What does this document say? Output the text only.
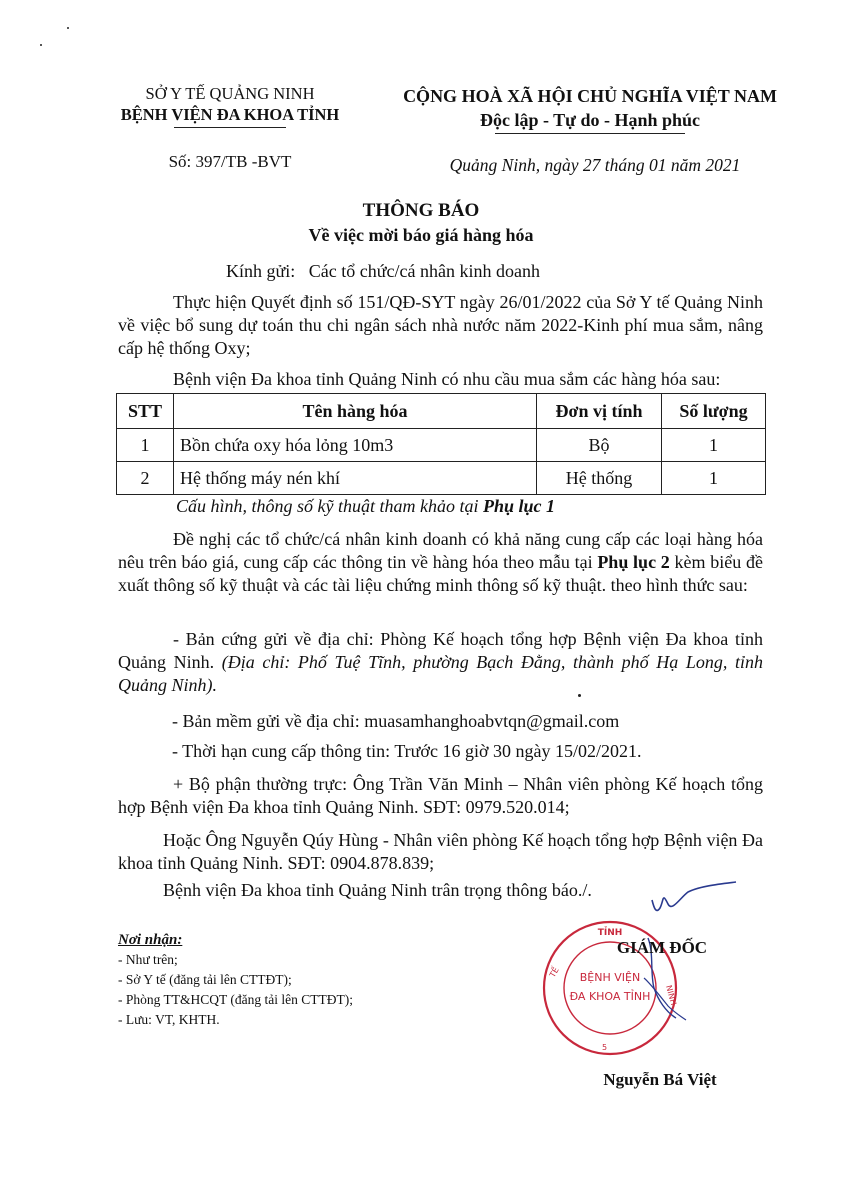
SỞ Y TẾ QUẢNG NINH
BỆNH VIỆN ĐA KHOA TỈNH
Số: 397/TB -BVT
CỘNG HOÀ XÃ HỘI CHỦ NGHĨA VIỆT NAM
Độc lập - Tự do - Hạnh phúc
Quảng Ninh, ngày 27 tháng 01 năm 2021
THÔNG BÁO
Về việc mời báo giá hàng hóa
Kính gửi: Các tổ chức/cá nhân kinh doanh
Thực hiện Quyết định số 151/QĐ-SYT ngày 26/01/2022 của Sở Y tế Quảng Ninh về việc bổ sung dự toán thu chi ngân sách nhà nước năm 2022-Kinh phí mua sắm, nâng cấp hệ thống Oxy;
Bệnh viện Đa khoa tỉnh Quảng Ninh có nhu cầu mua sắm các hàng hóa sau:
STT	Tên hàng hóa	Đơn vị tính	Số lượng
1	Bồn chứa oxy hóa lỏng 10m3	Bộ	1
2	Hệ thống máy nén khí	Hệ thống	1
Cấu hình, thông số kỹ thuật tham khảo tại Phụ lục 1
Đề nghị các tổ chức/cá nhân kinh doanh có khả năng cung cấp các loại hàng hóa nêu trên báo giá, cung cấp các thông tin về hàng hóa theo mẫu tại Phụ lục 2 kèm biểu đề xuất thông số kỹ thuật và các tài liệu chứng minh thông số kỹ thuật. theo hình thức sau:
- Bản cứng gửi về địa chỉ: Phòng Kế hoạch tổng hợp Bệnh viện Đa khoa tỉnh Quảng Ninh. (Địa chỉ: Phố Tuệ Tĩnh, phường Bạch Đằng, thành phố Hạ Long, tỉnh Quảng Ninh).
- Bản mềm gửi về địa chỉ: muasamhanghoabvtqn@gmail.com
- Thời hạn cung cấp thông tin: Trước 16 giờ 30 ngày 15/02/2021.
+ Bộ phận thường trực: Ông Trần Văn Minh – Nhân viên phòng Kế hoạch tổng hợp Bệnh viện Đa khoa tỉnh Quảng Ninh. SĐT: 0979.520.014;
Hoặc Ông Nguyễn Qúy Hùng - Nhân viên phòng Kế hoạch tổng hợp Bệnh viện Đa khoa tỉnh Quảng Ninh. SĐT: 0904.878.839;
Bệnh viện Đa khoa tỉnh Quảng Ninh trân trọng thông báo./.
Nơi nhận:
- Như trên;
- Sở Y tế (đăng tải lên CTTĐT);
- Phòng TT&HCQT (đăng tải lên CTTĐT);
- Lưu: VT, KHTH.
TỈNH
BỆNH VIỆN
ĐA KHOA TỈNH
TẾ
NINH
5
GIÁM ĐỐC
Nguyễn Bá Việt
